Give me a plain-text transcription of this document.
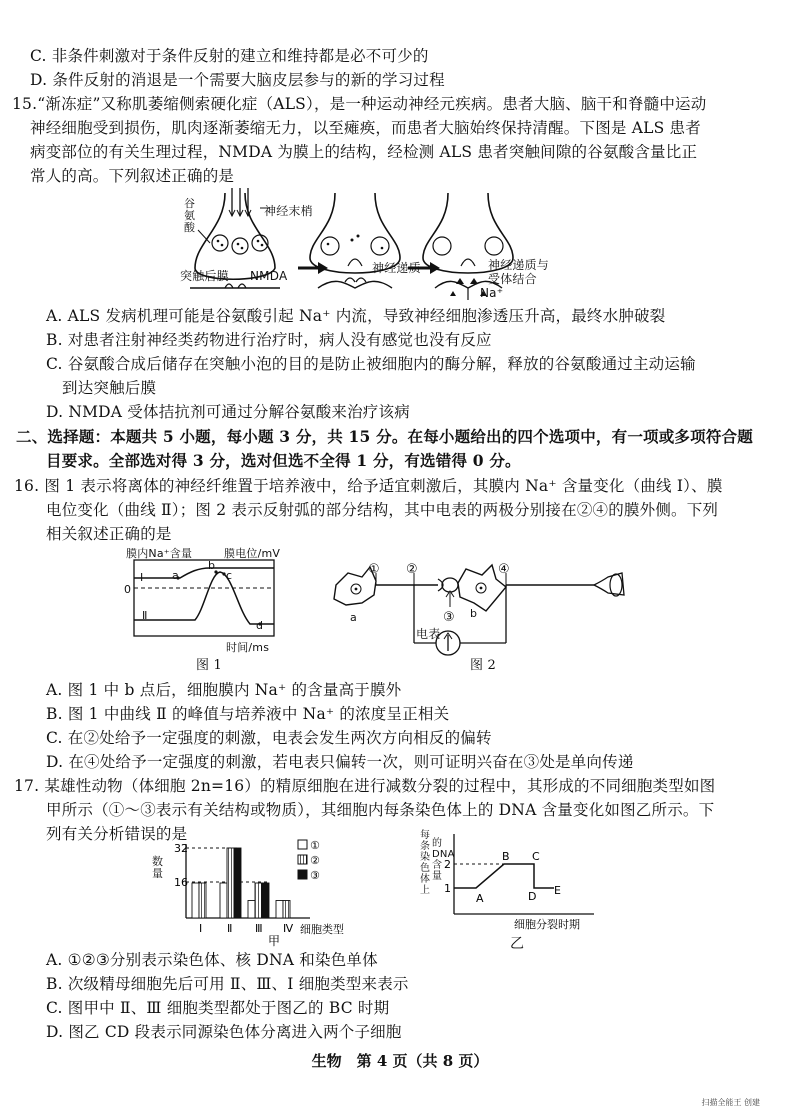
C. 非条件刺激对于条件反射的建立和维持都是必不可少的
D. 条件反射的消退是一个需要大脑皮层参与的新的学习过程
15.“渐冻症”又称肌萎缩侧索硬化症（ALS），是一种运动神经元疾病。患者大脑、脑干和脊髓中运动
神经细胞受到损伤，肌肉逐渐萎缩无力，以至瘫痪，而患者大脑始终保持清醒。下图是 ALS 患者
病变部位的有关生理过程，NMDA 为膜上的结构，经检测 ALS 患者突触间隙的谷氨酸含量比正
常人的高。下列叙述正确的是
谷氨酸
神经末梢
突触后膜 NMDA
神经递质	神经递质与
受体结合
Na⁺
A. ALS 发病机理可能是谷氨酸引起 Na⁺ 内流，导致神经细胞渗透压升高，最终水肿破裂
B. 对患者注射神经类药物进行治疗时，病人没有感觉也没有反应
C. 谷氨酸合成后储存在突触小泡的目的是防止被细胞内的酶分解，释放的谷氨酸通过主动运输
到达突触后膜
D. NMDA 受体拮抗剂可通过分解谷氨酸来治疗该病
二、选择题：本题共 5 小题，每小题 3 分，共 15 分。在每小题给出的四个选项中，有一项或多项符合题
目要求。全部选对得 3 分，选对但选不全得 1 分，有选错得 0 分。
16. 图 1 表示将离体的神经纤维置于培养液中，给予适宜刺激后，其膜内 Na⁺ 含量变化（曲线 Ⅰ）、膜
电位变化（曲线 Ⅱ）；图 2 表示反射弧的部分结构，其中电表的两极分别接在②④的膜外侧。下列
相关叙述正确的是
膜内Na⁺含量	膜电位/mV
0
Ⅰ
Ⅱ
a
b
c
d
时间/ms
图 1
① ②
③
④
a	b
电表
图 2
A. 图 1 中 b 点后，细胞膜内 Na⁺ 的含量高于膜外
B. 图 1 中曲线 Ⅱ 的峰值与培养液中 Na⁺ 的浓度呈正相关
C. 在②处给予一定强度的刺激，电表会发生两次方向相反的偏转
D. 在④处给予一定强度的刺激，若电表只偏转一次，则可证明兴奋在③处是单向传递
17. 某雄性动物（体细胞 2n=16）的精原细胞在进行减数分裂的过程中，其形成的不同细胞类型如图
甲所示（①～③表示有关结构或物质），其细胞内每条染色体上的 DNA 含量变化如图乙所示。下
列有关分析错误的是
16
32
Ⅰ Ⅱ Ⅲ Ⅳ 细胞类型
甲
①
②
③
数量
2
1
A
B C
D E
细胞分裂时期
每条染色体上
的DNA含量
乙
A. ①②③分别表示染色体、核 DNA 和染色单体
B. 次级精母细胞先后可用 Ⅱ、Ⅲ、Ⅰ 细胞类型来表示
C. 图甲中 Ⅱ、Ⅲ 细胞类型都处于图乙的 BC 时期
D. 图乙 CD 段表示同源染色体分离进入两个子细胞
生物　第 4 页（共 8 页）
扫描全能王 创建
